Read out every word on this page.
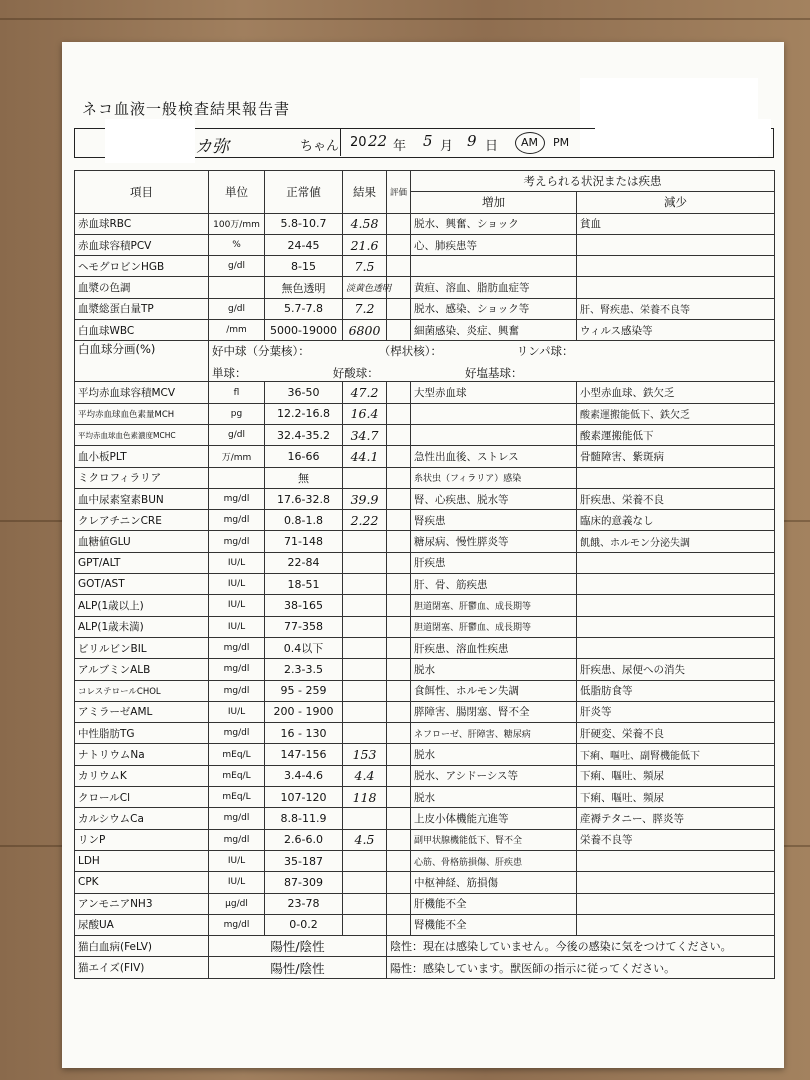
ネコ血液一般検査結果報告書
カ弥	ちゃん 20 22 年 5 月 9 日 AM PM
項目	単位	正常値	結果	評価	考えられる状況または疾患	
					増加	減少
赤血球RBC	100万/mm	5.8-10.7	4.58		脱水、興奮、ショック	貧血
赤血球容積PCV	%	24-45	21.6		心、肺疾患等	
ヘモグロビンHGB	g/dl	8-15	7.5			
血漿の色調		無色透明	淡黄色透明		黄疸、溶血、脂肪血症等	
血漿総蛋白量TP	g/dl	5.7-7.8	7.2		脱水、感染、ショック等	肝、腎疾患、栄養不良等
白血球WBC	/mm	5000-19000	6800		細菌感染、炎症、興奮	ウィルス感染等
白血球分画(%)	好中球（分葉核）：　　　　　　　（桿状核）：　　　　　　　リンパ球：
単球：　　　　　　　　好酸球：　　　　　　　　好塩基球：					

平均赤血球容積MCV	fl	36-50	47.2		大型赤血球	小型赤血球、鉄欠乏
平均赤血球血色素量MCH	pg	12.2-16.8	16.4			酸素運搬能低下、鉄欠乏
平均赤血球血色素濃度MCHC	g/dl	32.4-35.2	34.7			酸素運搬能低下
血小板PLT	万/mm	16-66	44.1		急性出血後、ストレス	骨髄障害、紫斑病
ミクロフィラリア		無			糸状虫（フィラリア）感染	
血中尿素窒素BUN	mg/dl	17.6-32.8	39.9		腎、心疾患、脱水等	肝疾患、栄養不良
クレアチニンCRE	mg/dl	0.8-1.8	2.22		腎疾患	臨床的意義なし
血糖値GLU	mg/dl	71-148			糖尿病、慢性膵炎等	飢餓、ホルモン分泌失調
GPT/ALT	IU/L	22-84			肝疾患	
GOT/AST	IU/L	18-51			肝、骨、筋疾患	
ALP(1歳以上)	IU/L	38-165			胆道閉塞、肝鬱血、成長期等	
ALP(1歳未満)	IU/L	77-358			胆道閉塞、肝鬱血、成長期等	
ビリルビンBIL	mg/dl	0.4以下			肝疾患、溶血性疾患	
アルブミンALB	mg/dl	2.3-3.5			脱水	肝疾患、尿便への消失
コレステロールCHOL	mg/dl	95 - 259			食餌性、ホルモン失調	低脂肪食等
アミラーゼAML	IU/L	200 - 1900			膵障害、腸閉塞、腎不全	肝炎等
中性脂肪TG	mg/dl	16 - 130			ネフローゼ、肝障害、糖尿病	肝硬変、栄養不良
ナトリウムNa	mEq/L	147-156	153		脱水	下痢、嘔吐、副腎機能低下
カリウムK	mEq/L	3.4-4.6	4.4		脱水、アシドーシス等	下痢、嘔吐、頻尿
クロールCl	mEq/L	107-120	118		脱水	下痢、嘔吐、頻尿
カルシウムCa	mg/dl	8.8-11.9			上皮小体機能亢進等	産褥テタニー、膵炎等
リンP	mg/dl	2.6-6.0	4.5		副甲状腺機能低下、腎不全	栄養不良等
LDH	IU/L	35-187			心筋、骨格筋損傷、肝疾患	
CPK	IU/L	87-309			中枢神経、筋損傷	
アンモニアNH3	μg/dl	23-78			肝機能不全	
尿酸UA	mg/dl	0-0.2			腎機能不全	
猫白血病(FeLV)	陽性/陰性			陰性：現在は感染していません。今後の感染に気をつけてください。		
猫エイズ(FIV)	陽性/陰性			陽性：感染しています。獣医師の指示に従ってください。		
